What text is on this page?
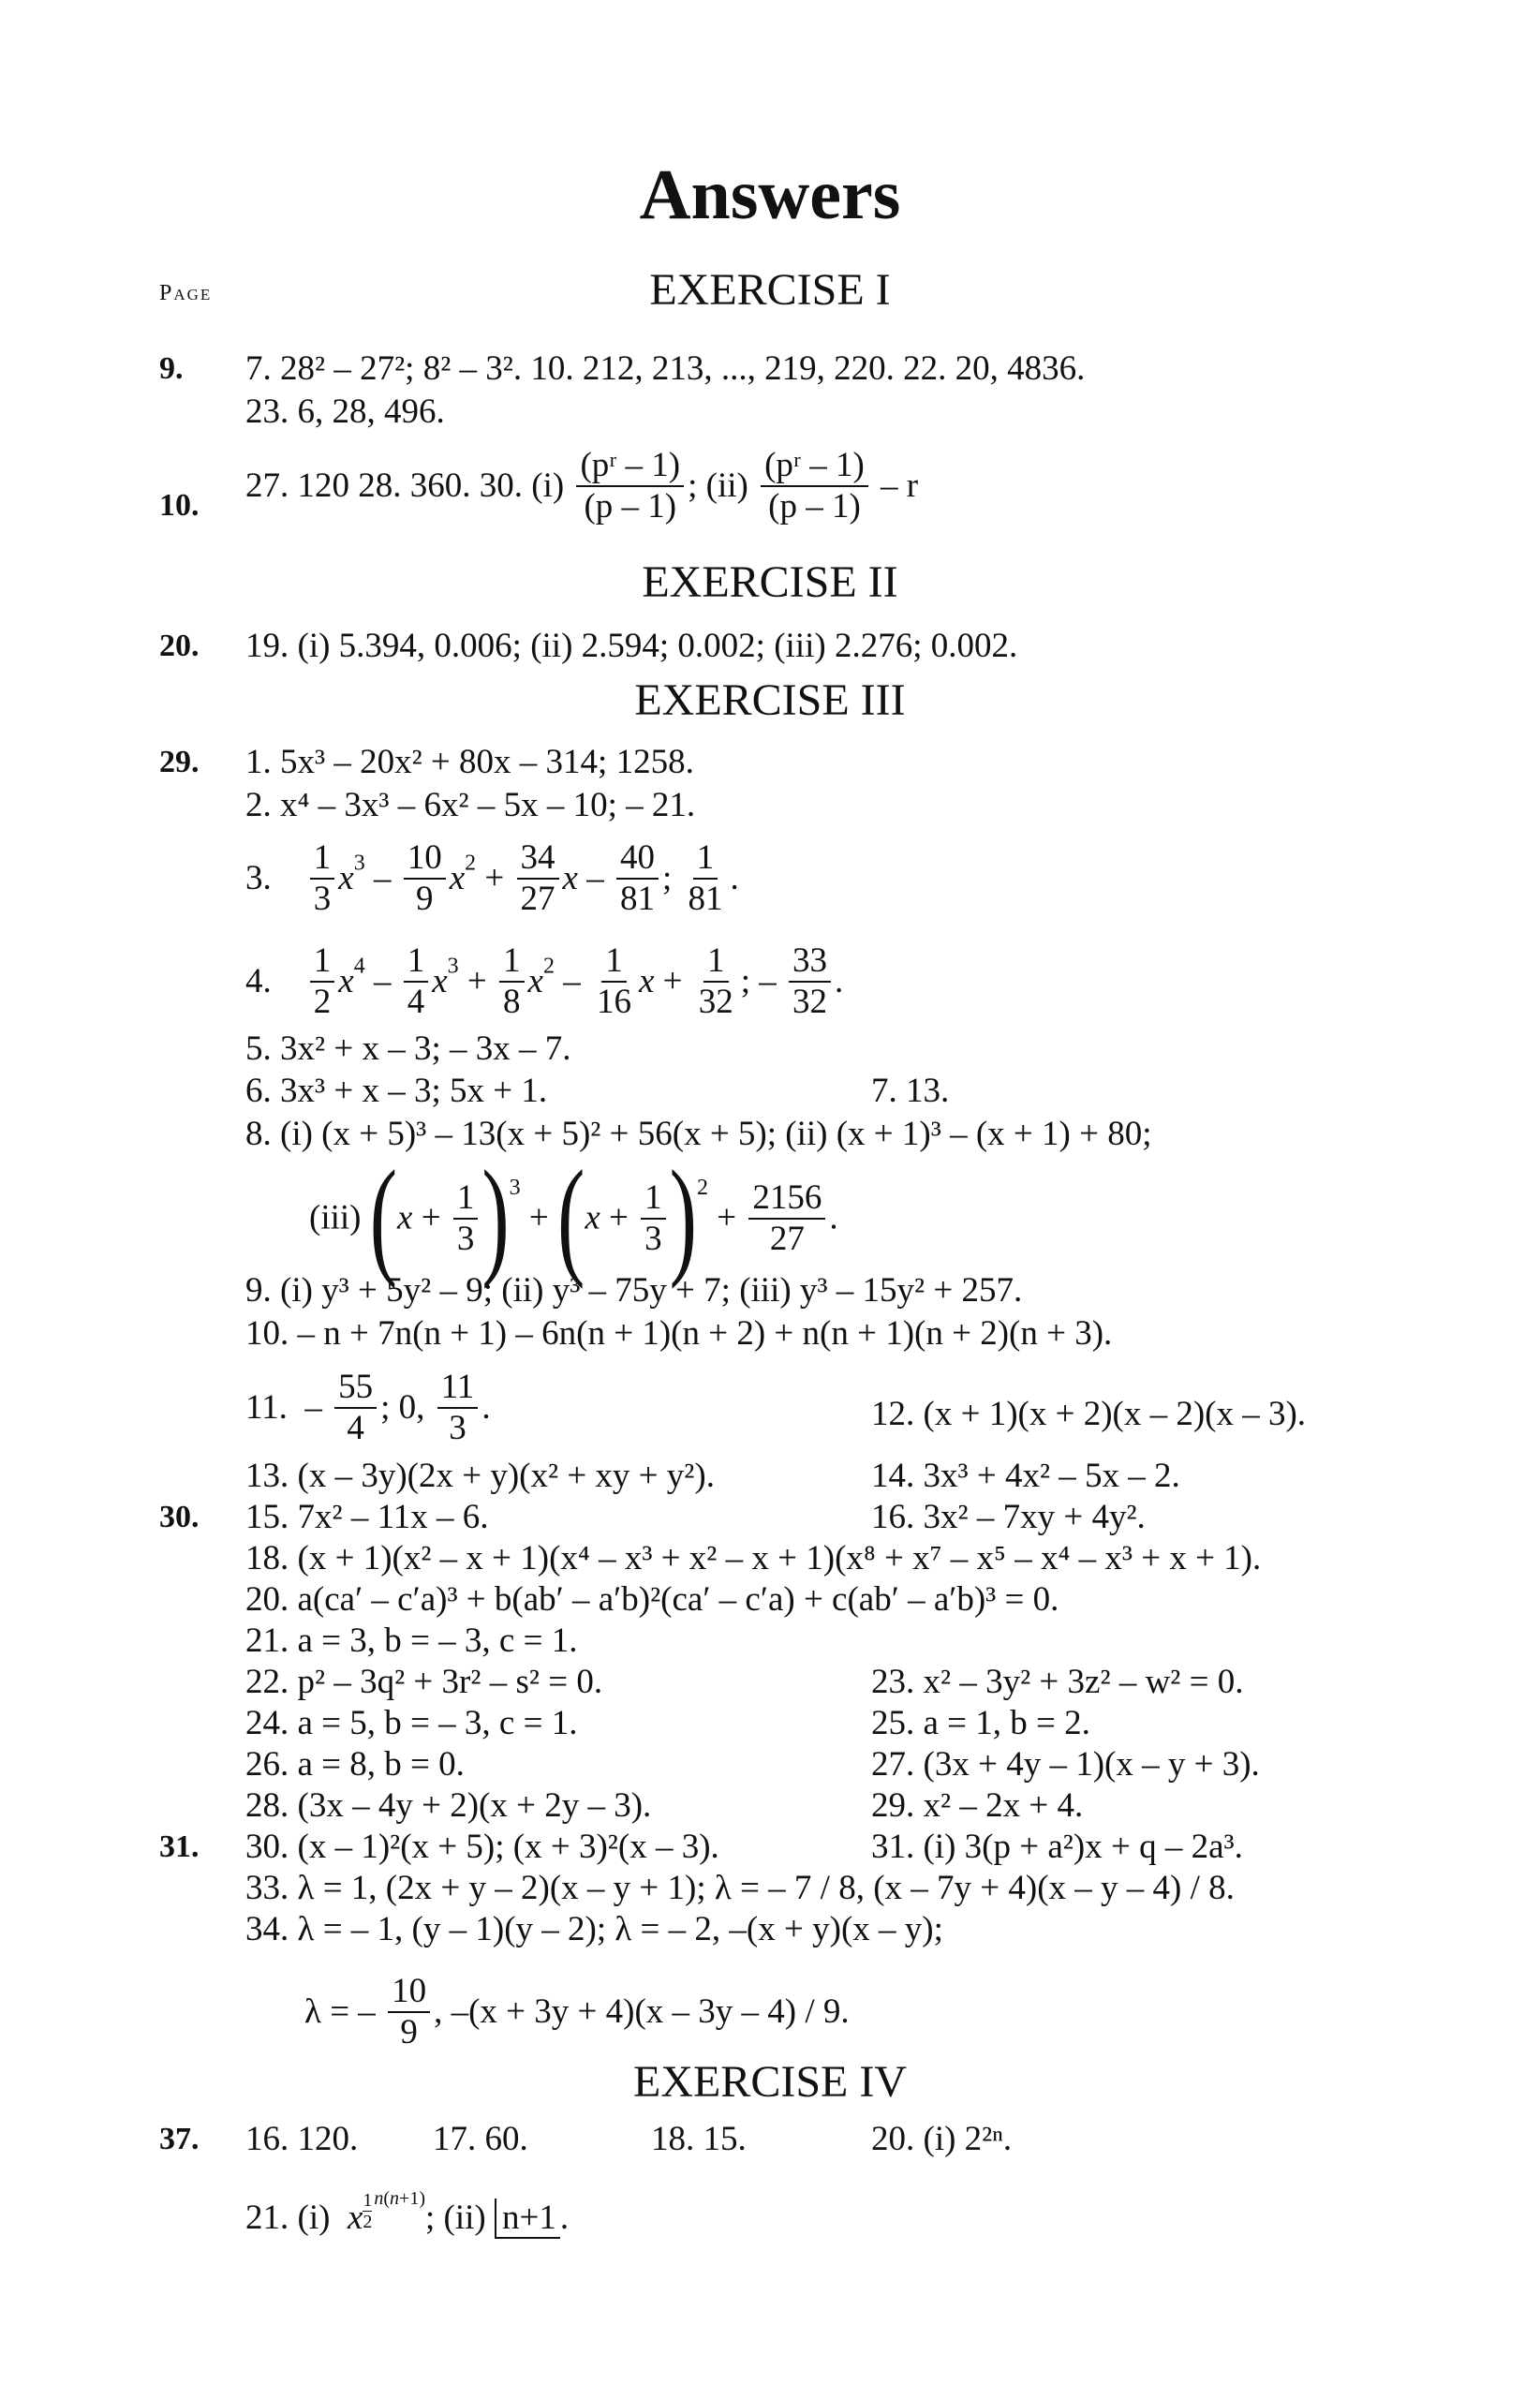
Answers
Page	EXERCISE I
9. 7. 28² – 27²; 8² – 3². 10. 212, 213, ..., 219, 220. 22. 20, 4836.
23. 6, 28, 496.
10.
27. 120 28. 360. 30. $(i) \frac{\text{(pʳ – 1)}}{(p - 1)}$ ; $(ii) \frac{\text{(pʳ – 1)}}{(p - 1)}$ – r
EXERCISE II
20. 19. (i) 5.394, 0.006; (ii) 2.594; 0.002; (iii) 2.276; 0.002.
EXERCISE III
29. 1. 5x³ – 20x² + 80x – 314; 1258.
2. x⁴ – 3x³ – 6x² – 5x – 10; – 21.
3. $\frac{1}{3} x^3 - \frac{10}{9} x^2 + \frac{34}{27}$ x – $\frac{40}{81}$ ; $\frac{1}{81}$ .
4. $\frac{1}{2} x^4 - \frac{1}{4} x^3 + \frac{1}{8} x^2 - \frac{1}{16}$ $x + \frac{1}{32}$ ; – $\frac{33}{32}$ .
5. 3x² + x – 3; – 3x – 7.
6. 3x³ + x – 3; 5x + 1.	7. 13.
8. (i) (x + 5)³ – 13(x + 5)² + 56(x + 5); (ii) (x + 1)³ – (x + 1) + 80;
(iii) $(x + \frac{1}{3} )^3 + (x + \frac{1}{3} )^2 + \frac{2156}{27}$ .
9. (i) y³ + 5y² – 9; (ii) y³ – 75y + 7; (iii) y³ – 15y² + 257.
10. – n + 7n(n + 1) – 6n(n + 1)(n + 2) + n(n + 1)(n + 2)(n + 3).
11.  – $\frac{55}{4}$ ; 0, $\frac{11}{3}$ .	12. (x + 1)(x + 2)(x – 2)(x – 3).
13. (x – 3y)(2x + y)(x² + xy + y²).	14. 3x³ + 4x² – 5x – 2.
30. 15. 7x² – 11x – 6.	16. 3x² – 7xy + 4y².
18. (x + 1)(x² – x + 1)(x⁴ – x³ + x² – x + 1)(x⁸ + x⁷ – x⁵ – x⁴ – x³ + x + 1).
20. a(ca′ – c′a)³ + b(ab′ – a′b)²(ca′ – c′a) + c(ab′ – a′b)³ = 0.
21. a = 3, b = – 3, c = 1.
22. p² – 3q² + 3r² – s² = 0.	23. x² – 3y² + 3z² – w² = 0.
24. a = 5, b = – 3, c = 1.	25. a = 1, b = 2.
26. a = 8, b = 0.	27. (3x + 4y – 1)(x – y + 3).
28. (3x – 4y + 2)(x + 2y – 3).	29. x² – 2x + 4.
31. 30. (x – 1)²(x + 5); (x + 3)²(x – 3).	31. (i) 3(p + a²)x + q – 2a³.
33. λ = 1, (2x + y – 2)(x – y + 1); λ = – 7 / 8, (x – 7y + 4)(x – y – 4) / 8.
34. λ = – 1, (y – 1)(y – 2); λ = – 2, –(x + y)(x – y);
λ = – $\frac{10}{9}$ , –(x + 3y + 4)(x – 3y – 4) / 9.
EXERCISE IV
37. 16. 120. 17. 60.	18. 15.	20. (i) 2²ⁿ.
21. (i)  x $\frac{1}{2} ^{n(n+1)}$; (ii) n+1 .
